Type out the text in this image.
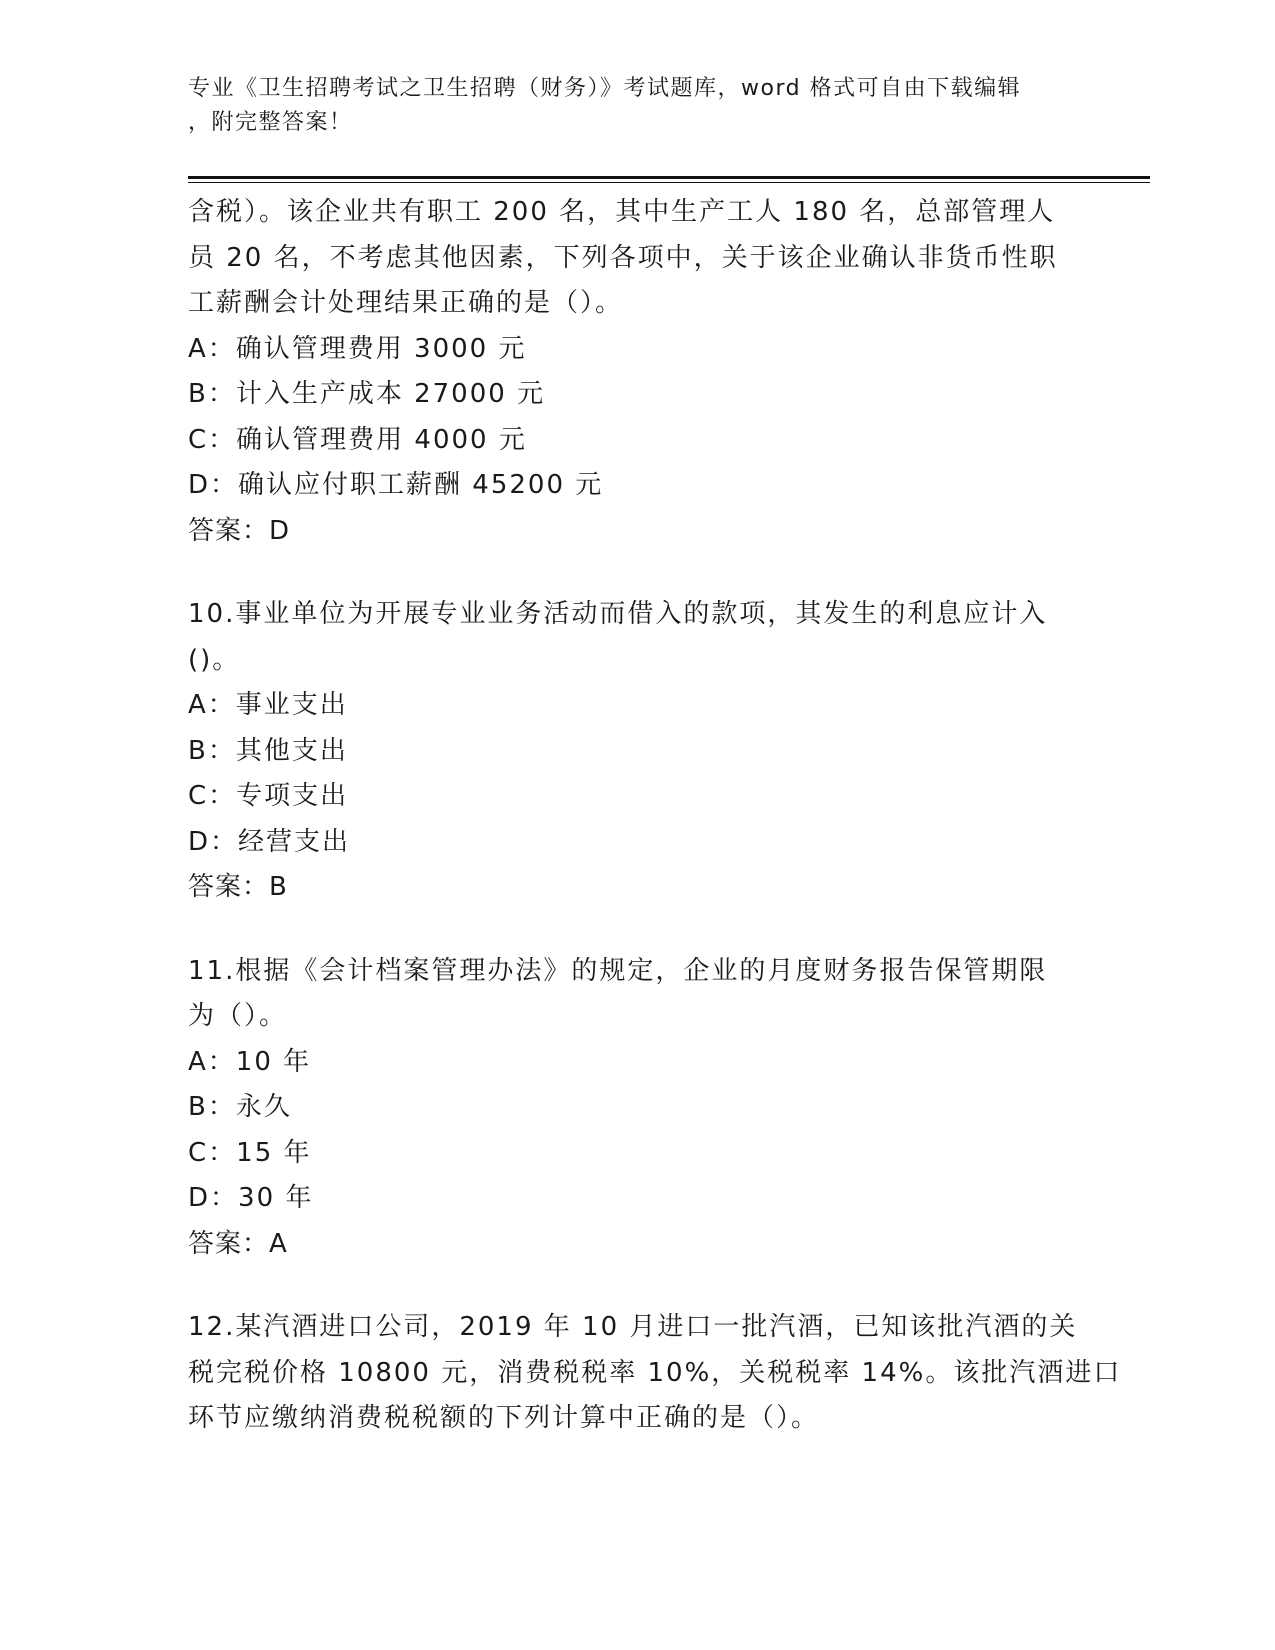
专业《卫生招聘考试之卫生招聘（财务）》考试题库，word 格式可自由下载编辑
，附完整答案！
含税）。该企业共有职工 200 名，其中生产工人 180 名，总部管理人
员 20 名，不考虑其他因素，下列各项中，关于该企业确认非货币性职
工薪酬会计处理结果正确的是（）。
A：确认管理费用 3000 元
B：计入生产成本 27000 元
C：确认管理费用 4000 元
D：确认应付职工薪酬 45200 元
答案：D
10.事业单位为开展专业业务活动而借入的款项，其发生的利息应计入
()。
A：事业支出
B：其他支出
C：专项支出
D：经营支出
答案：B
11.根据《会计档案管理办法》的规定，企业的月度财务报告保管期限
为（）。
A：10 年
B：永久
C：15 年
D：30 年
答案：A
12.某汽酒进口公司，2019 年 10 月进口一批汽酒，已知该批汽酒的关
税完税价格 10800 元，消费税税率 10%，关税税率 14%。该批汽酒进口
环节应缴纳消费税税额的下列计算中正确的是（）。
